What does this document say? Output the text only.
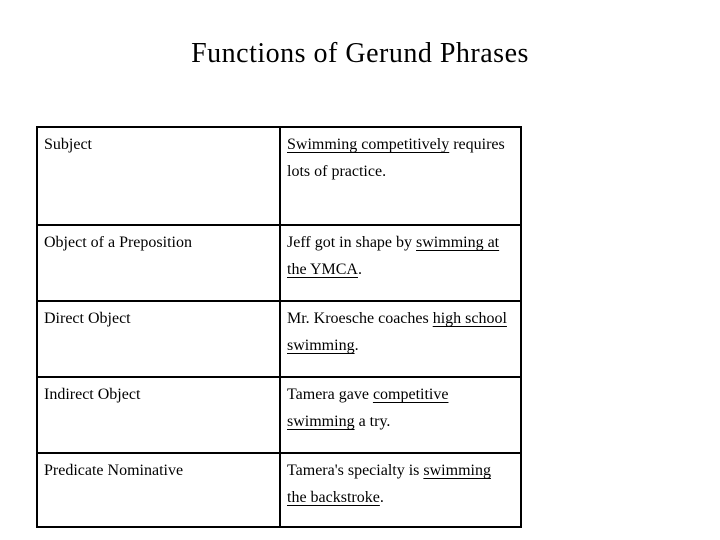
Functions of Gerund Phrases
Subject	Swimming competitively requires lots of practice.
Object of a Preposition	Jeff got in shape by swimming at the YMCA.
Direct Object	Mr. Kroesche coaches high school swimming.
Indirect Object	Tamera gave competitive swimming a try.
Predicate Nominative	Tamera's specialty is swimming the backstroke.
